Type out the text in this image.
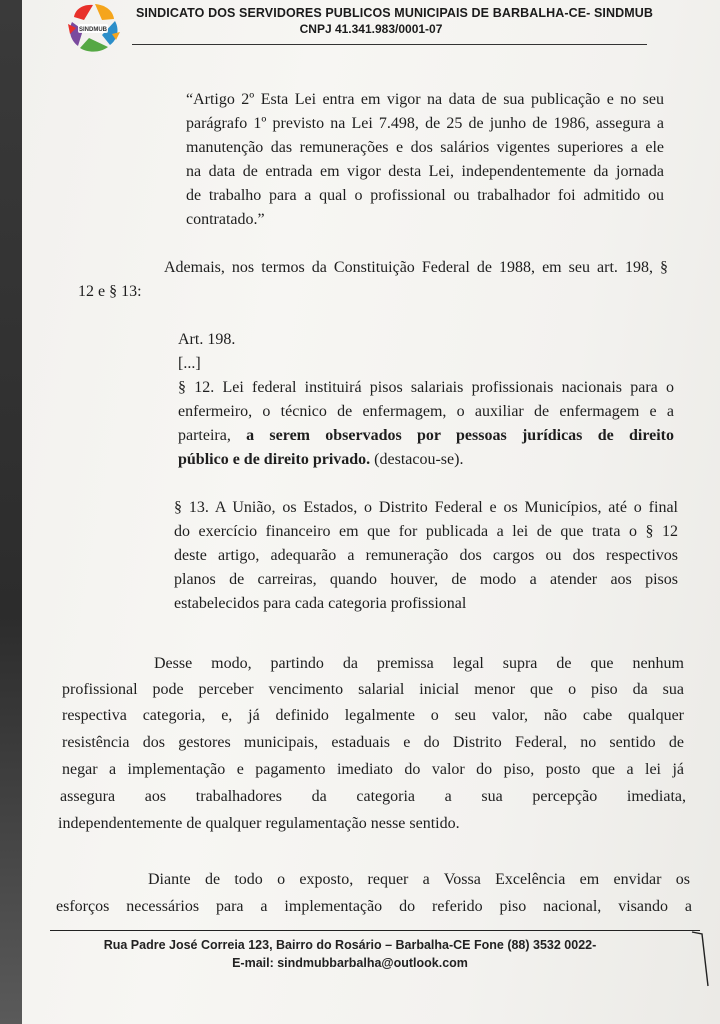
SINDMUB
SINDICATO DOS SERVIDORES PUBLICOS MUNICIPAIS DE BARBALHA-CE- SINDMUB
CNPJ 41.341.983/0001-07
“Artigo 2º Esta Lei entra em vigor na data de sua publicação e no seu
parágrafo 1º previsto na Lei 7.498, de 25 de junho de 1986, assegura a
manutenção das remunerações e dos salários vigentes superiores a ele
na data de entrada em vigor desta Lei, independentemente da jornada
de trabalho para a qual o profissional ou trabalhador foi admitido ou
contratado.”
Ademais, nos termos da Constituição Federal de 1988, em seu art. 198, §
12 e § 13:
Art. 198.
[...]
§ 12. Lei federal instituirá pisos salariais profissionais nacionais para o
enfermeiro, o técnico de enfermagem, o auxiliar de enfermagem e a
parteira, a serem observados por pessoas jurídicas de direito
público e de direito privado. (destacou-se).
§ 13. A União, os Estados, o Distrito Federal e os Municípios, até o final
do exercício financeiro em que for publicada a lei de que trata o § 12
deste artigo, adequarão a remuneração dos cargos ou dos respectivos
planos de carreiras, quando houver, de modo a atender aos pisos
estabelecidos para cada categoria profissional
Desse modo, partindo da premissa legal supra de que nenhum
profissional pode perceber vencimento salarial inicial menor que o piso da sua
respectiva categoria, e, já definido legalmente o seu valor, não cabe qualquer
resistência dos gestores municipais, estaduais e do Distrito Federal, no sentido de
negar a implementação e pagamento imediato do valor do piso, posto que a lei já
assegura aos trabalhadores da categoria a sua percepção imediata,
independentemente de qualquer regulamentação nesse sentido.
Diante de todo o exposto, requer a Vossa Excelência em envidar os
esforços necessários para a implementação do referido piso nacional, visando a
Rua Padre José Correia 123, Bairro do Rosário – Barbalha-CE Fone (88) 3532 0022-
E-mail: sindmubbarbalha@outlook.com
